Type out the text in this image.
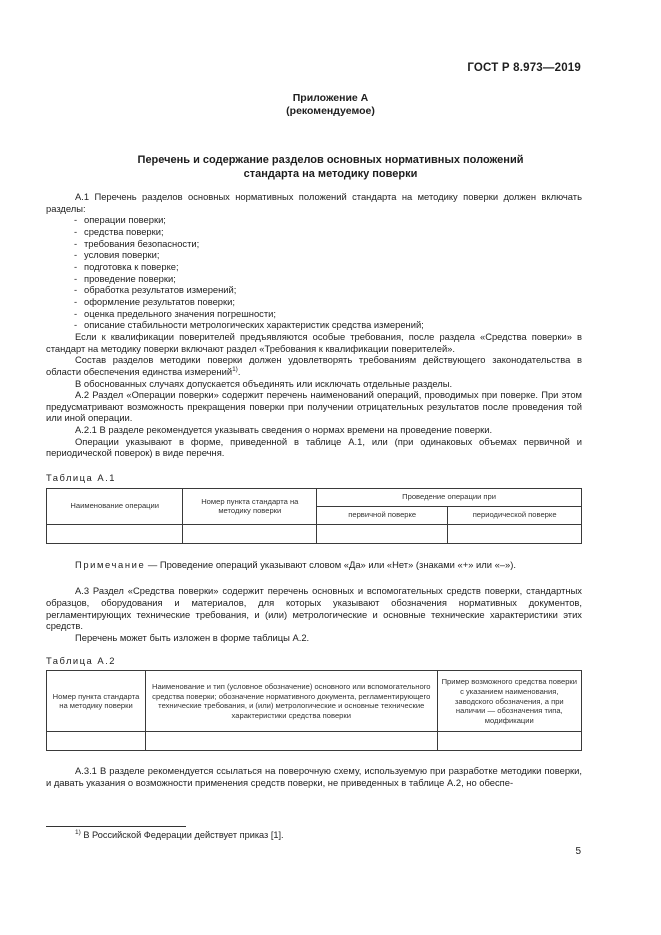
ГОСТ Р 8.973—2019
Приложение А
(рекомендуемое)
Перечень и содержание разделов основных нормативных положений
стандарта на методику поверки

А.1 Перечень разделов основных нормативных положений стандарта на методику поверки должен включать разделы:

- операции поверки;

- средства поверки;

- требования безопасности;

- условия поверки;

- подготовка к поверке;

- проведение поверки;

- обработка результатов измерений;

- оформление результатов поверки;

- оценка предельного значения погрешности;

- описание стабильности метрологических характеристик средства измерений;

Если к квалификации поверителей предъявляются особые требования, после раздела «Средства поверки» в стандарт на методику поверки включают раздел «Требования к квалификации поверителей».

Состав разделов методики поверки должен удовлетворять требованиям действующего законодательства в области обеспечения единства измерений$^{1)}$.

В обоснованных случаях допускается объединять или исключать отдельные разделы.

А.2 Раздел «Операции поверки» содержит перечень наименований операций, проводимых при поверке. При этом предусматривают возможность прекращения поверки при получении отрицательных результатов после проведения той или иной операции.

А.2.1 В разделе рекомендуется указывать сведения о нормах времени на проведение поверки.

Операции указывают в форме, приведенной в таблице А.1, или (при одинаковых объемах первичной и периодической поверок) в виде перечня.

Таблица А.1

Наименование операции	Номер пункта стандарта на методику поверки	Проведение операции при	
		первичной поверке	периодической поверке

Примечание — Проведение операций указывают словом «Да» или «Нет» (знаками «+» или «–»).

А.3 Раздел «Средства поверки» содержит перечень основных и вспомогательных средств поверки, стандартных образцов, оборудования и материалов, для которых указывают обозначения нормативных документов, регламентирующих технические требования, и (или) метрологические и основные технические характеристики этих средств.

Перечень может быть изложен в форме таблицы А.2.

Таблица А.2

Номер пункта стандарта на методику поверки	Наименование и тип (условное обозначение) основного или вспомогательного средства поверки; обозначение нормативного документа, регламентирующего технические требования, и (или) метрологические и основные технические характеристики средства поверки	Пример возможного средства поверки с указанием наименования, заводского обозначения, а при наличии — обозначения типа, модификации

А.3.1 В разделе рекомендуется ссылаться на поверочную схему, используемую при разработке методики поверки, и давать указания о возможности применения средств поверки, не приведенных в таблице А.2, но обеспе-

$^{1)}$ В Российской Федерации действует приказ [1].
5
